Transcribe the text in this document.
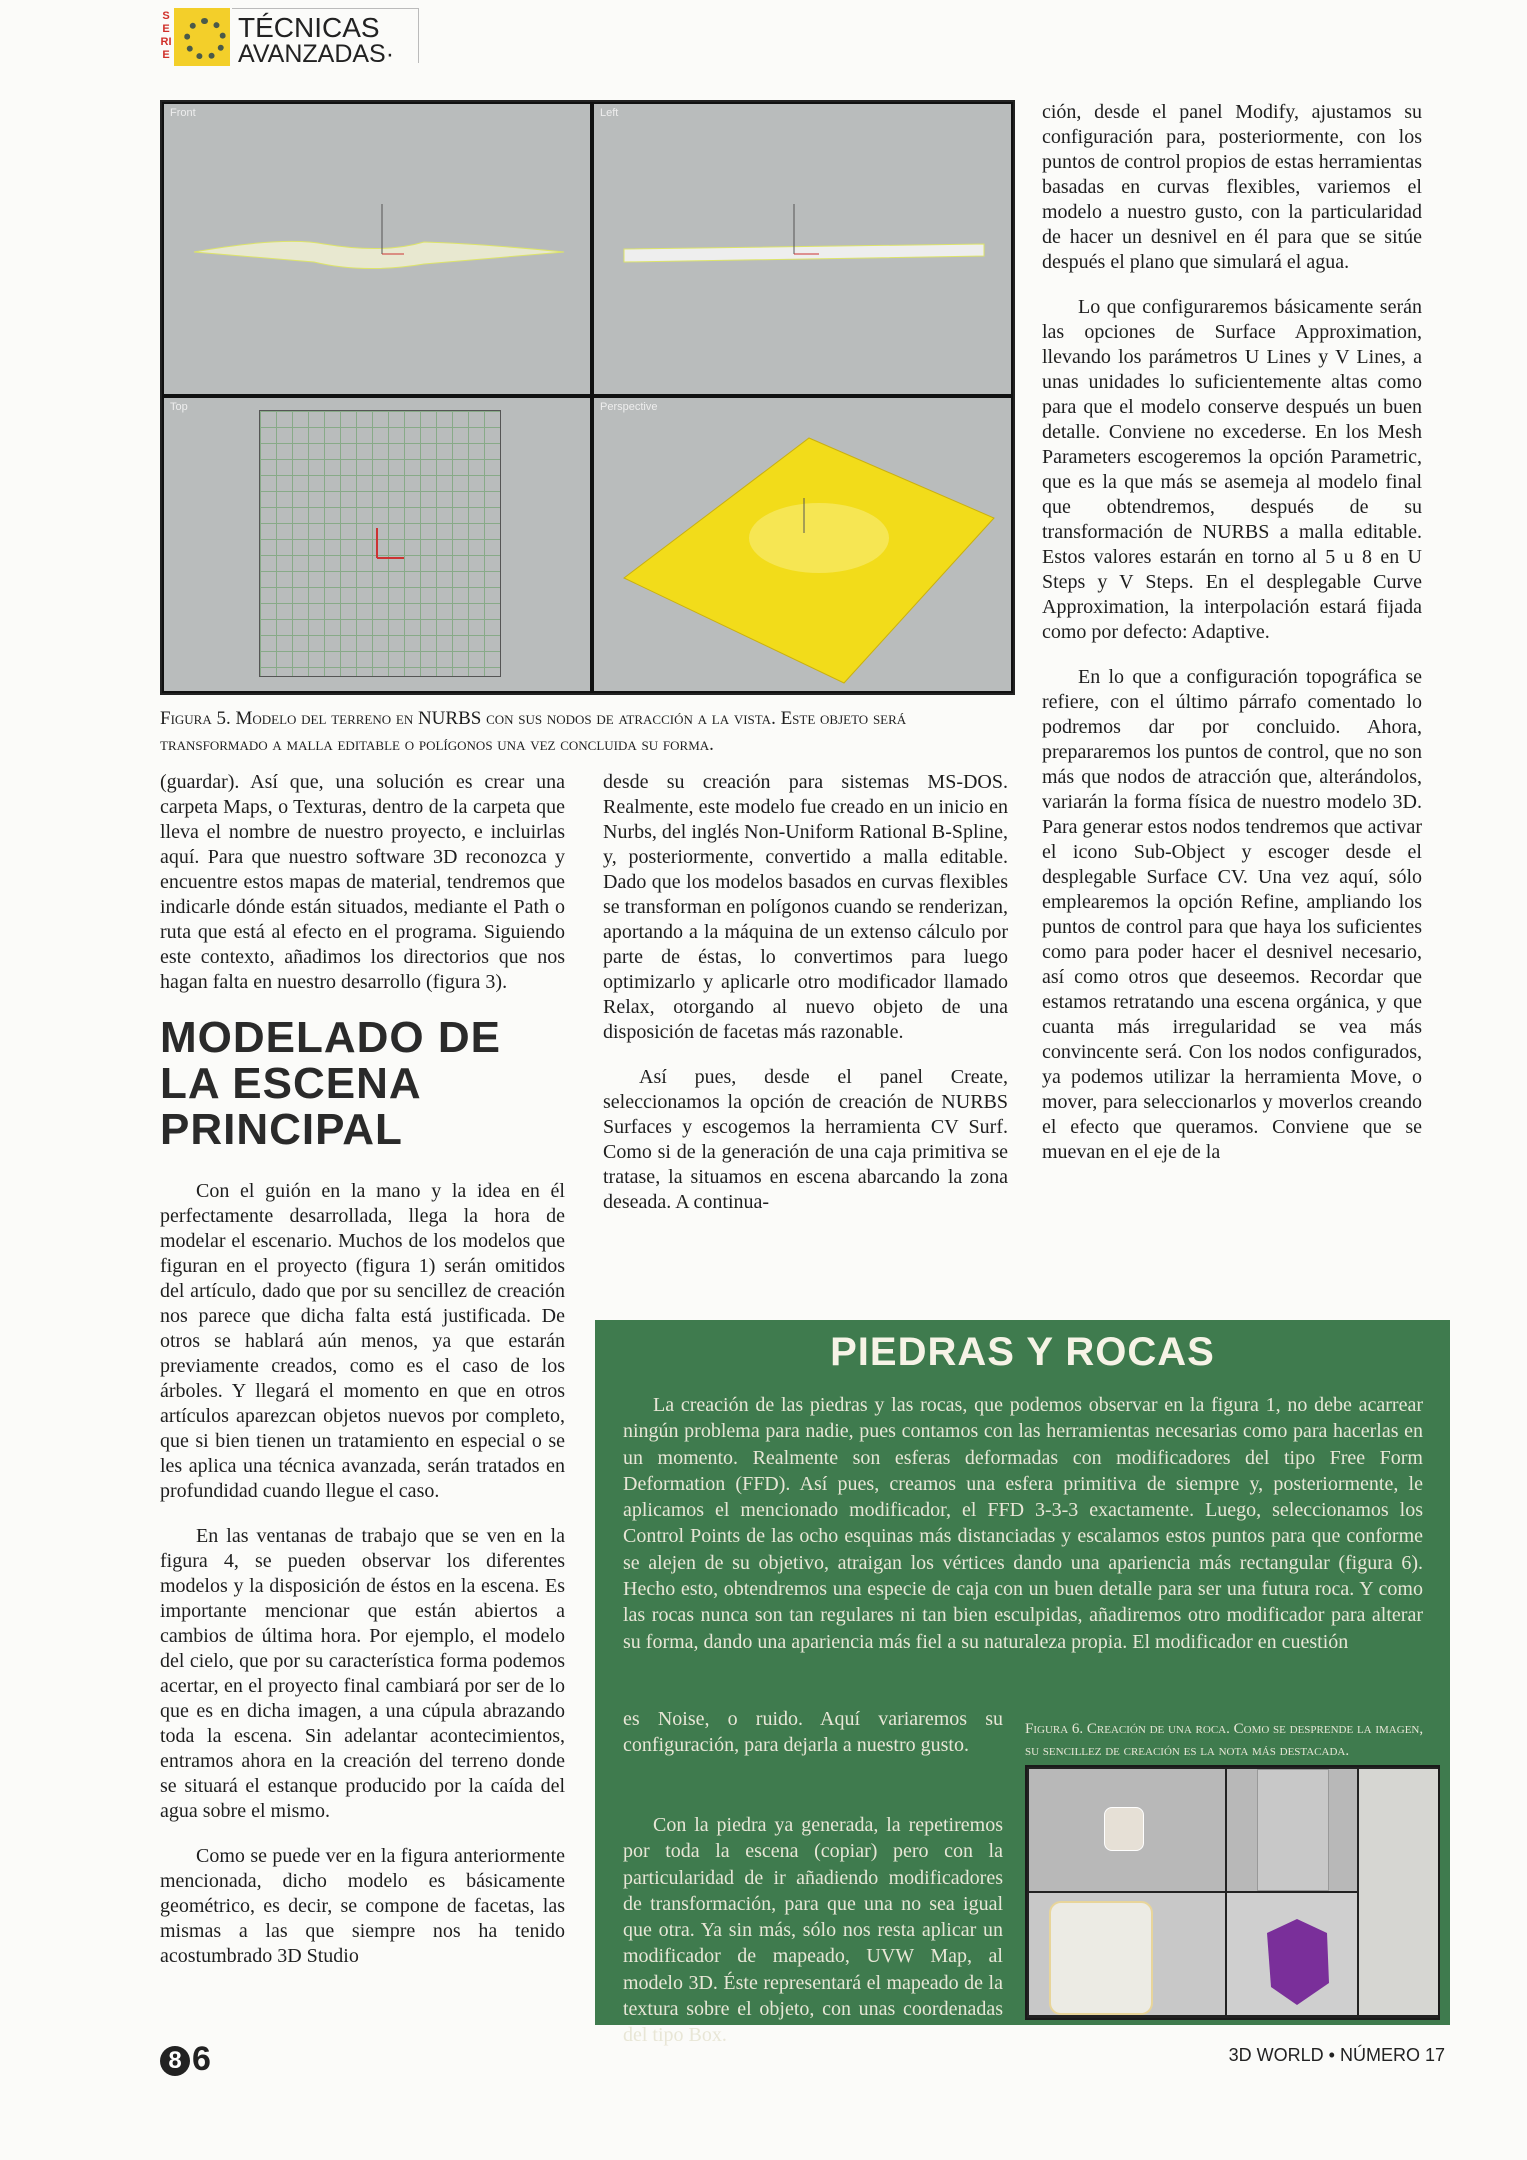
SERIE
TÉCNICAS
AVANZADAS·
Front	Left
Top	Perspective
Figura 5. Modelo del terreno en NURBS con sus nodos de atracción a la vista. Este objeto será transformado a malla editable o polígonos una vez concluida su forma.

(guardar). Así que, una solución es crear una carpeta Maps, o Texturas, dentro de la carpeta que lleva el nombre de nuestro proyecto, e incluirlas aquí. Para que nuestro software 3D reconozca y encuentre estos mapas de material, tendremos que indicarle dónde están situados, mediante el Path o ruta que está al efecto en el programa. Siguiendo este contexto, añadimos los directorios que nos hagan falta en nuestro desarrollo (figura 3).

MODELADO DE LA ESCENA PRINCIPAL

Con el guión en la mano y la idea en él perfectamente desarrollada, llega la hora de modelar el escenario. Muchos de los modelos que figuran en el proyecto (figura 1) serán omitidos del artículo, dado que por su sencillez de creación nos parece que dicha falta está justificada. De otros se hablará aún menos, ya que estarán previamente creados, como es el caso de los árboles. Y llegará el momento en que en otros artículos aparezcan objetos nuevos por completo, que si bien tienen un tratamiento en especial o se les aplica una técnica avanzada, serán tratados en profundidad cuando llegue el caso.

En las ventanas de trabajo que se ven en la figura 4, se pueden observar los diferentes modelos y la disposición de éstos en la escena. Es importante mencionar que están abiertos a cambios de última hora. Por ejemplo, el modelo del cielo, que por su característica forma podemos acertar, en el proyecto final cambiará por ser de lo que es en dicha imagen, a una cúpula abrazando toda la escena. Sin adelantar acontecimientos, entramos ahora en la creación del terreno donde se situará el estanque producido por la caída del agua sobre el mismo.

Como se puede ver en la figura anteriormente mencionada, dicho modelo es básicamente geométrico, es decir, se compone de facetas, las mismas a las que siempre nos ha tenido acostumbrado 3D Studio

desde su creación para sistemas MS-DOS. Realmente, este modelo fue creado en un inicio en Nurbs, del inglés Non-Uniform Rational B-Spline, y, posteriormente, convertido a malla editable. Dado que los modelos basados en curvas flexibles se transforman en polígonos cuando se renderizan, aportando a la máquina de un extenso cálculo por parte de éstas, lo convertimos para luego optimizarlo y aplicarle otro modificador llamado Relax, otorgando al nuevo objeto de una disposición de facetas más razonable.

Así pues, desde el panel Create, seleccionamos la opción de creación de NURBS Surfaces y escogemos la herramienta CV Surf. Como si de la generación de una caja primitiva se tratase, la situamos en escena abarcando la zona deseada. A continua-

ción, desde el panel Modify, ajustamos su configuración para, posteriormente, con los puntos de control propios de estas herramientas basadas en curvas flexibles, variemos el modelo a nuestro gusto, con la particularidad de hacer un desnivel en él para que se sitúe después el plano que simulará el agua.

Lo que configuraremos básicamente serán las opciones de Surface Approximation, llevando los parámetros U Lines y V Lines, a unas unidades lo suficientemente altas como para que el modelo conserve después un buen detalle. Conviene no excederse. En los Mesh Parameters escogeremos la opción Parametric, que es la que más se asemeja al modelo final que obtendremos, después de su transformación de NURBS a malla editable. Estos valores estarán en torno al 5 u 8 en U Steps y V Steps. En el desplegable Curve Approximation, la interpolación estará fijada como por defecto: Adaptive.

En lo que a configuración topográfica se refiere, con el último párrafo comentado lo podremos dar por concluido. Ahora, prepararemos los puntos de control, que no son más que nodos de atracción que, alterándolos, variarán la forma física de nuestro modelo 3D. Para generar estos nodos tendremos que activar el icono Sub-Object y escoger desde el desplegable Surface CV. Una vez aquí, sólo emplearemos la opción Refine, ampliando los puntos de control para que haya los suficientes como para poder hacer el desnivel necesario, así como otros que deseemos. Recordar que estamos retratando una escena orgánica, y que cuanta más irregularidad se vea más convincente será. Con los nodos configurados, ya podemos utilizar la herramienta Move, o mover, para seleccionarlos y moverlos creando el efecto que queramos. Conviene que se muevan en el eje de la

PIEDRAS Y ROCAS
La creación de las piedras y las rocas, que podemos observar en la figura 1, no debe acarrear ningún problema para nadie, pues contamos con las herramientas necesarias como para hacerlas en un momento. Realmente son esferas deformadas con modificadores del tipo Free Form Deformation (FFD). Así pues, creamos una esfera primitiva de siempre y, posteriormente, le aplicamos el mencionado modificador, el FFD 3-3-3 exactamente. Luego, seleccionamos los Control Points de las ocho esquinas más distanciadas y escalamos estos puntos para que conforme se alejen de su objetivo, atraigan los vértices dando una apariencia más rectangular (figura 6). Hecho esto, obtendremos una especie de caja con un buen detalle para ser una futura roca. Y como las rocas nunca son tan regulares ni tan bien esculpidas, añadiremos otro modificador para alterar su forma, dando una apariencia más fiel a su naturaleza propia. El modificador en cuestión
es Noise, o ruido. Aquí variaremos su configuración, para dejarla a nuestro gusto.
Con la piedra ya generada, la repetiremos por toda la escena (copiar) pero con la particularidad de ir añadiendo modificadores de transformación, para que una no sea igual que otra. Ya sin más, sólo nos resta aplicar un modificador de mapeado, UVW Map, al modelo 3D. Éste representará el mapeado de la textura sobre el objeto, con unas coordenadas del tipo Box.
Figura 6. Creación de una roca. Como se desprende la imagen, su sencillez de creación es la nota más destacada.
8 6	3D WORLD • NÚMERO 17
